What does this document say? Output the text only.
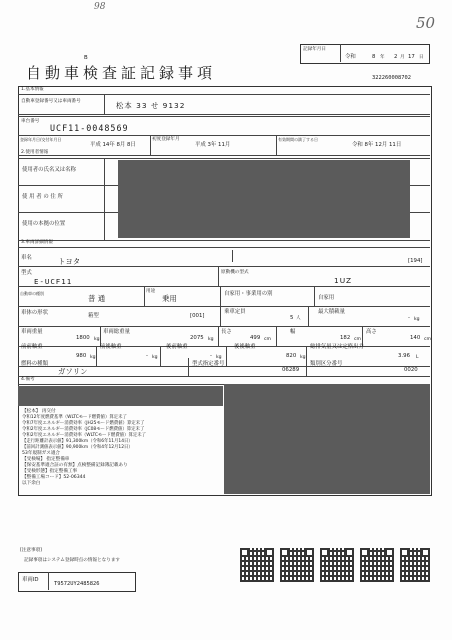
98
50
記録年月日
令和	8 年 2 月 17 日
B
自動車検査証記録事項	322260008702
1.基本情報
自動車登録番号又は車両番号	松本 33 せ 9132
車台番号
UCF11-0048569
登録年月日/交付年月日
平成 14年 8月 8日
初度登録年月
平成 3年 11月
有効期間の満了する日
令和 8年 12月 11日
2.使用者情報
使用者の氏名又は名称
使 用 者 の 住 所
使用の本拠の位置
3.車両詳細情報
車名	トヨタ	[194]
型式
E-UCF11
原動機の型式
1UZ
自動車の種別
普 通
用途
乗用	自家用・事業用の別
自家用
車体の形状	箱型	[001]
乗車定員
5 人
最大積載量
- kg
車両重量
1800 kg
車両総重量
2075 kg
長さ
499 cm
幅
182 cm
高さ
140 cm
前前軸重
980 kg
前後軸重
- kg
後前軸重
- kg
後後軸重
820 kg
総排気量又は定格出力
3.96 L
燃料の種類
ガソリン
型式指定番号
06289
類別区分番号
0020
4.備考
【松本】 再交付
令和12年度燃費基準（WLTCモード燃費値）算定未了
令和7年度エネルギー消費効率（JH25モード燃費値）算定未了
令和2年度エネルギー消費効率（JC08モード燃費値）算定未了
令和2年度エネルギー消費効率（WLTCモード燃費値）算定未了
【走行距離計表示値】91,300km（令和6年11月14日）
【前回計測値表示値】90,900km（令和4年12月12日）
53年規制ガス適合
【受検場】 指定整備車
【保安基準適合証の有無】点検整備記録簿記載あり
【受検形態】指定整備工事
【整備工場コード】52-06344
以下余白
[注意事項]
記録事項はシステム登録時点の情報となります
車両ID
T9572UY2485826
